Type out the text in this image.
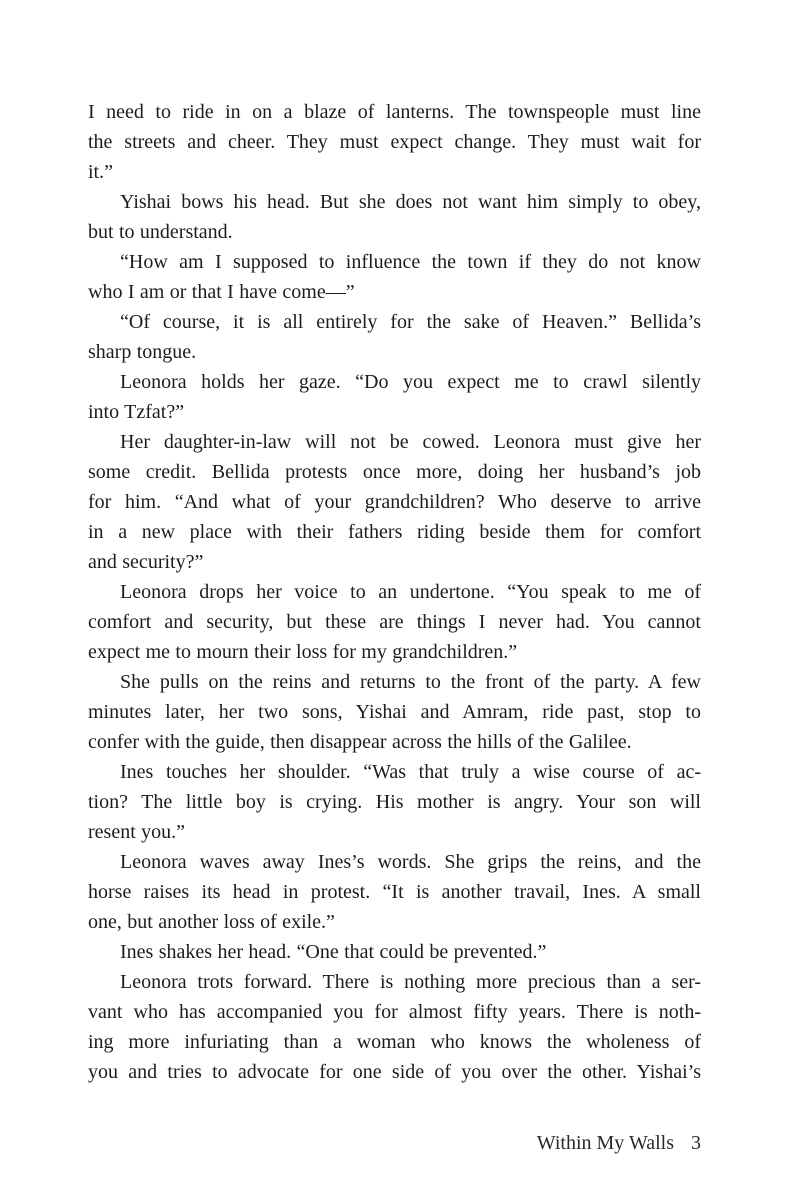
I need to ride in on a blaze of lanterns. The townspeople must line
the streets and cheer. They must expect change. They must wait for
it.”
Yishai bows his head. But she does not want him simply to obey,
but to understand.
“How am I supposed to influence the town if they do not know
who I am or that I have come—”
“Of course, it is all entirely for the sake of Heaven.” Bellida’s
sharp tongue.
Leonora holds her gaze. “Do you expect me to crawl silently
into Tzfat?”
Her daughter-in-law will not be cowed. Leonora must give her
some credit. Bellida protests once more, doing her husband’s job
for him. “And what of your grandchildren? Who deserve to arrive
in a new place with their fathers riding beside them for comfort
and security?”
Leonora drops her voice to an undertone. “You speak to me of
comfort and security, but these are things I never had. You cannot
expect me to mourn their loss for my grandchildren.”
She pulls on the reins and returns to the front of the party. A few
minutes later, her two sons, Yishai and Amram, ride past, stop to
confer with the guide, then disappear across the hills of the Galilee.
Ines touches her shoulder. “Was that truly a wise course of ac-
tion? The little boy is crying. His mother is angry. Your son will
resent you.”
Leonora waves away Ines’s words. She grips the reins, and the
horse raises its head in protest. “It is another travail, Ines. A small
one, but another loss of exile.”
Ines shakes her head. “One that could be prevented.”
Leonora trots forward. There is nothing more precious than a ser-
vant who has accompanied you for almost fifty years. There is noth-
ing more infuriating than a woman who knows the wholeness of
you and tries to advocate for one side of you over the other. Yishai’s
Within My Walls 3
